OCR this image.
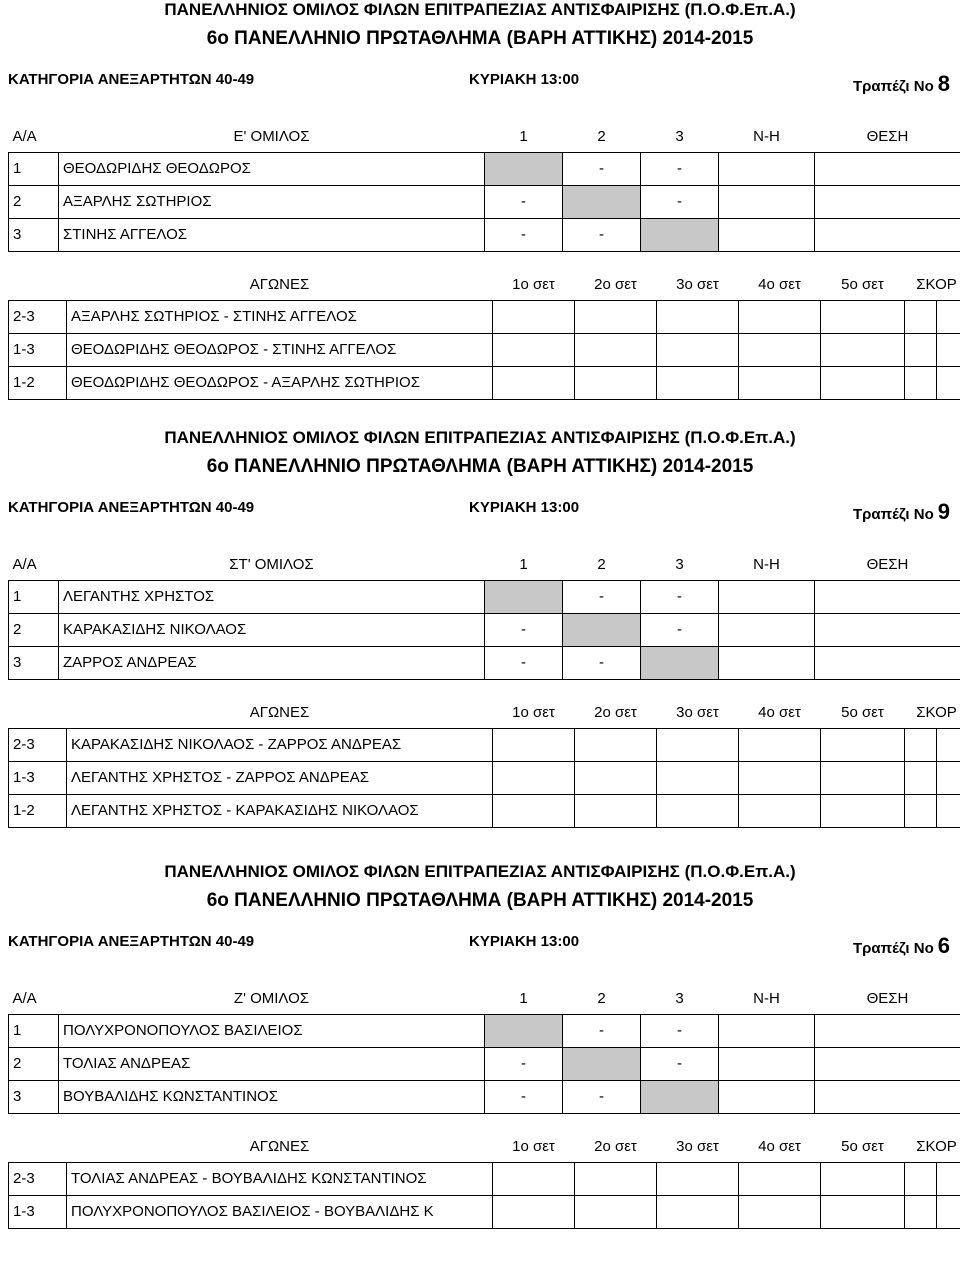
ΠΑΝΕΛΛΗΝΙΟΣ ΟΜΙΛΟΣ ΦΙΛΩΝ ΕΠΙΤΡΑΠΕΖΙΑΣ ΑΝΤΙΣΦΑΙΡΙΣΗΣ (Π.Ο.Φ.Επ.Α.)
6ο ΠΑΝΕΛΛΗΝΙΟ ΠΡΩΤΑΘΛΗΜΑ (ΒΑΡΗ ΑΤΤΙΚΗΣ) 2014-2015
ΚΑΤΗΓΟΡΙΑ ΑΝΕΞΑΡΤΗΤΩΝ 40-49	ΚΥΡΙΑΚΗ 13:00	Τραπέζι Νο 8
Α/Α	Ε' ΟΜΙΛΟΣ	1	2	3	Ν-Η	ΘΕΣΗ
1	ΘΕΟΔΩΡΙΔΗΣ ΘΕΟΔΩΡΟΣ		-	-		
2	ΑΞΑΡΛΗΣ ΣΩΤΗΡΙΟΣ	-		-		
3	ΣΤΙΝΗΣ ΑΓΓΕΛΟΣ	-	-			
	ΑΓΩΝΕΣ	1ο σετ	2ο σετ	3ο σετ	4ο σετ	5ο σετ	ΣΚΟΡ	
2-3	ΑΞΑΡΛΗΣ ΣΩΤΗΡΙΟΣ - ΣΤΙΝΗΣ ΑΓΓΕΛΟΣ							
1-3	ΘΕΟΔΩΡΙΔΗΣ ΘΕΟΔΩΡΟΣ - ΣΤΙΝΗΣ ΑΓΓΕΛΟΣ							
1-2	ΘΕΟΔΩΡΙΔΗΣ ΘΕΟΔΩΡΟΣ - ΑΞΑΡΛΗΣ ΣΩΤΗΡΙΟΣ							
ΠΑΝΕΛΛΗΝΙΟΣ ΟΜΙΛΟΣ ΦΙΛΩΝ ΕΠΙΤΡΑΠΕΖΙΑΣ ΑΝΤΙΣΦΑΙΡΙΣΗΣ (Π.Ο.Φ.Επ.Α.)
6ο ΠΑΝΕΛΛΗΝΙΟ ΠΡΩΤΑΘΛΗΜΑ (ΒΑΡΗ ΑΤΤΙΚΗΣ) 2014-2015
ΚΑΤΗΓΟΡΙΑ ΑΝΕΞΑΡΤΗΤΩΝ 40-49	ΚΥΡΙΑΚΗ 13:00	Τραπέζι Νο 9
Α/Α	ΣΤ' ΟΜΙΛΟΣ	1	2	3	Ν-Η	ΘΕΣΗ
1	ΛΕΓΑΝΤΗΣ ΧΡΗΣΤΟΣ		-	-		
2	ΚΑΡΑΚΑΣΙΔΗΣ ΝΙΚΟΛΑΟΣ	-		-		
3	ΖΑΡΡΟΣ ΑΝΔΡΕΑΣ	-	-			
	ΑΓΩΝΕΣ	1ο σετ	2ο σετ	3ο σετ	4ο σετ	5ο σετ	ΣΚΟΡ	
2-3	ΚΑΡΑΚΑΣΙΔΗΣ ΝΙΚΟΛΑΟΣ - ΖΑΡΡΟΣ ΑΝΔΡΕΑΣ							
1-3	ΛΕΓΑΝΤΗΣ ΧΡΗΣΤΟΣ - ΖΑΡΡΟΣ ΑΝΔΡΕΑΣ							
1-2	ΛΕΓΑΝΤΗΣ ΧΡΗΣΤΟΣ - ΚΑΡΑΚΑΣΙΔΗΣ ΝΙΚΟΛΑΟΣ							
ΠΑΝΕΛΛΗΝΙΟΣ ΟΜΙΛΟΣ ΦΙΛΩΝ ΕΠΙΤΡΑΠΕΖΙΑΣ ΑΝΤΙΣΦΑΙΡΙΣΗΣ (Π.Ο.Φ.Επ.Α.)
6ο ΠΑΝΕΛΛΗΝΙΟ ΠΡΩΤΑΘΛΗΜΑ (ΒΑΡΗ ΑΤΤΙΚΗΣ) 2014-2015
ΚΑΤΗΓΟΡΙΑ ΑΝΕΞΑΡΤΗΤΩΝ 40-49	ΚΥΡΙΑΚΗ 13:00	Τραπέζι Νο 6
Α/Α	Ζ' ΟΜΙΛΟΣ	1	2	3	Ν-Η	ΘΕΣΗ
1	ΠΟΛΥΧΡΟΝΟΠΟΥΛΟΣ ΒΑΣΙΛΕΙΟΣ		-	-		
2	ΤΟΛΙΑΣ ΑΝΔΡΕΑΣ	-		-		
3	ΒΟΥΒΑΛΙΔΗΣ ΚΩΝΣΤΑΝΤΙΝΟΣ	-	-			
	ΑΓΩΝΕΣ	1ο σετ	2ο σετ	3ο σετ	4ο σετ	5ο σετ	ΣΚΟΡ	
2-3	ΤΟΛΙΑΣ ΑΝΔΡΕΑΣ - ΒΟΥΒΑΛΙΔΗΣ ΚΩΝΣΤΑΝΤΙΝΟΣ							
1-3	ΠΟΛΥΧΡΟΝΟΠΟΥΛΟΣ ΒΑΣΙΛΕΙΟΣ - ΒΟΥΒΑΛΙΔΗΣ Κ							
